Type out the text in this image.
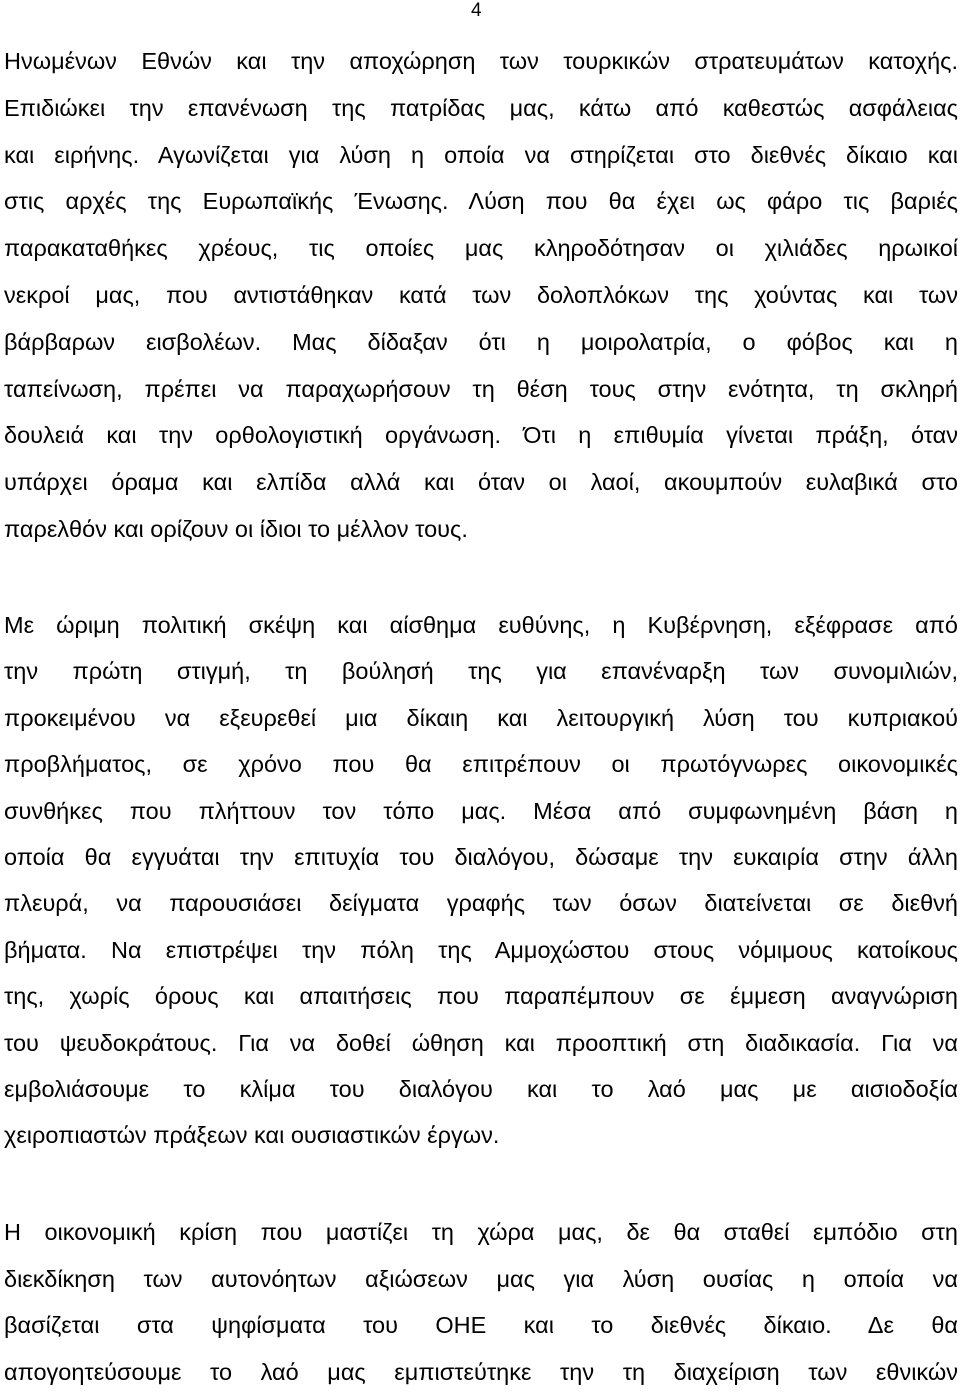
4
Ηνωμένων Εθνών και την αποχώρηση των τουρκικών στρατευμάτων κατοχής.
Επιδιώκει την επανένωση της πατρίδας μας, κάτω από καθεστώς ασφάλειας
και ειρήνης. Αγωνίζεται για λύση η οποία να στηρίζεται στο διεθνές δίκαιο και
στις αρχές της Ευρωπαϊκής Ένωσης. Λύση που θα έχει ως φάρο τις βαριές
παρακαταθήκες χρέους, τις οποίες μας κληροδότησαν οι χιλιάδες ηρωικοί
νεκροί μας, που αντιστάθηκαν κατά των δολοπλόκων της χούντας και των
βάρβαρων εισβολέων. Μας δίδαξαν ότι η μοιρολατρία, ο φόβος και η
ταπείνωση, πρέπει να παραχωρήσουν τη θέση τους στην ενότητα, τη σκληρή
δουλειά και την ορθολογιστική οργάνωση. Ότι η επιθυμία γίνεται πράξη, όταν
υπάρχει όραμα και ελπίδα αλλά και όταν οι λαοί, ακουμπούν ευλαβικά στο
παρελθόν και ορίζουν οι ίδιοι το μέλλον τους.
Με ώριμη πολιτική σκέψη και αίσθημα ευθύνης, η Κυβέρνηση, εξέφρασε από
την πρώτη στιγμή, τη βούλησή της για επανέναρξη των συνομιλιών,
προκειμένου να εξευρεθεί μια δίκαιη και λειτουργική λύση του κυπριακού
προβλήματος, σε χρόνο που θα επιτρέπουν οι πρωτόγνωρες οικονομικές
συνθήκες που πλήττουν τον τόπο μας. Μέσα από συμφωνημένη βάση η
οποία θα εγγυάται την επιτυχία του διαλόγου, δώσαμε την ευκαιρία στην άλλη
πλευρά, να παρουσιάσει δείγματα γραφής των όσων διατείνεται σε διεθνή
βήματα. Να επιστρέψει την πόλη της Αμμοχώστου στους νόμιμους κατοίκους
της, χωρίς όρους και απαιτήσεις που παραπέμπουν σε έμμεση αναγνώριση
του ψευδοκράτους. Για να δοθεί ώθηση και προοπτική στη διαδικασία. Για να
εμβολιάσουμε το κλίμα του διαλόγου και το λαό μας με αισιοδοξία
χειροπιαστών πράξεων και ουσιαστικών έργων.
Η οικονομική κρίση που μαστίζει τη χώρα μας, δε θα σταθεί εμπόδιο στη
διεκδίκηση των αυτονόητων αξιώσεων μας για λύση ουσίας η οποία να
βασίζεται στα ψηφίσματα του ΟΗΕ και το διεθνές δίκαιο. Δε θα
απογοητεύσουμε το λαό μας εμπιστεύτηκε την τη διαχείριση των εθνικών
